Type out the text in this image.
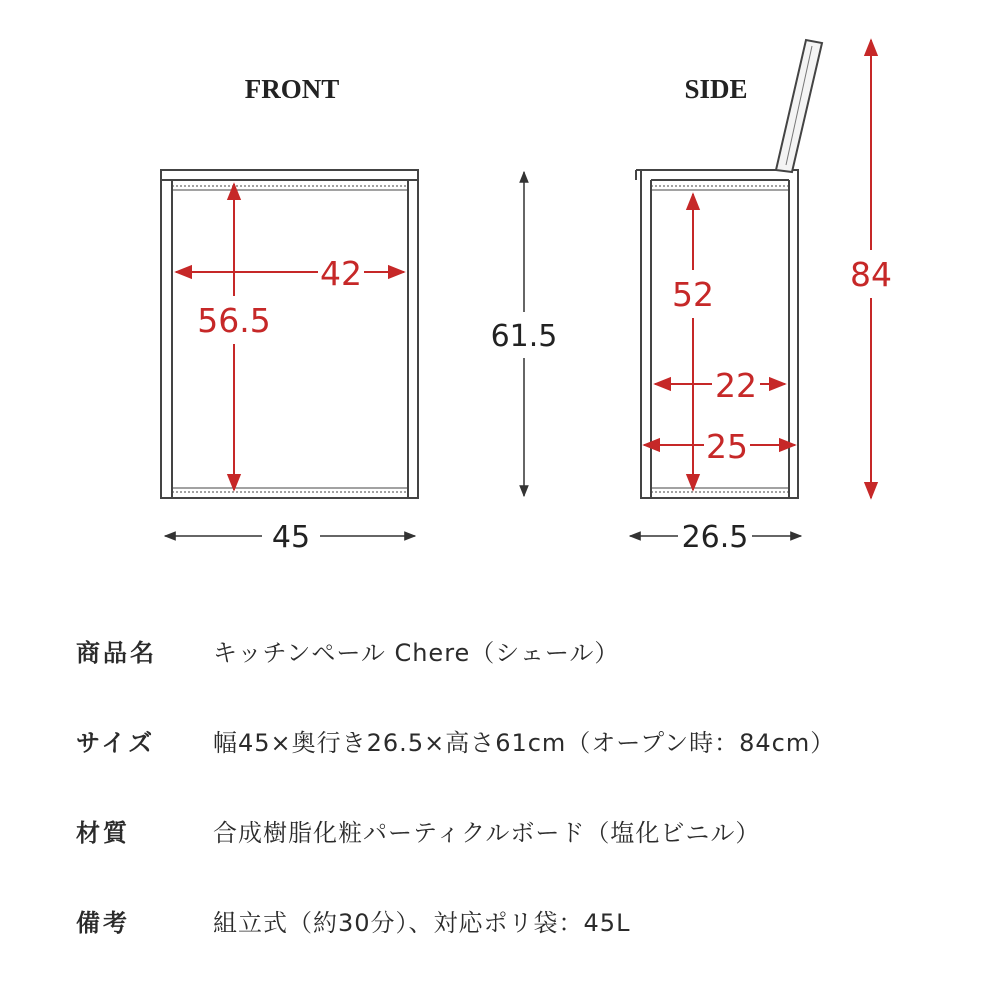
FRONT
42
56.5
45
61.5
SIDE
52
22
25
26.5
84
商品名	キッチンペール Chere（シェール）
サイズ	幅45×奥行き26.5×高さ61cm（オープン時：84cm）
材質	合成樹脂化粧パーティクルボード（塩化ビニル）
備考	組立式（約30分）、対応ポリ袋：45L
